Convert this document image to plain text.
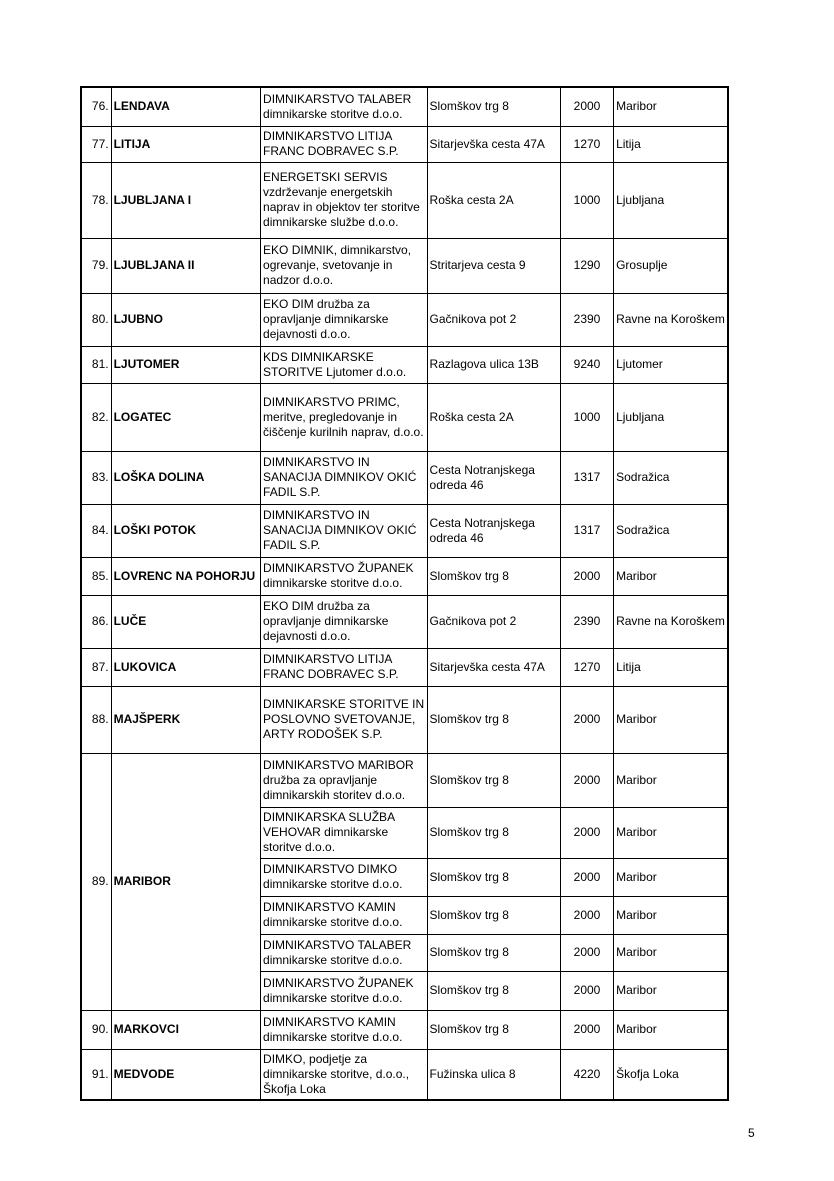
76.	LENDAVA	DIMNIKARSTVO TALABER dimnikarske storitve d.o.o.	Slomškov trg 8	2000	Maribor
77.	LITIJA	DIMNIKARSTVO LITIJA FRANC DOBRAVEC S.P.	Sitarjevška cesta 47A	1270	Litija
78.	LJUBLJANA I	ENERGETSKI SERVIS vzdrževanje energetskih naprav in objektov ter storitve dimnikarske službe d.o.o.	Roška cesta 2A	1000	Ljubljana
79.	LJUBLJANA II	EKO DIMNIK, dimnikarstvo, ogrevanje, svetovanje in nadzor d.o.o.	Stritarjeva cesta 9	1290	Grosuplje
80.	LJUBNO	EKO DIM družba za opravljanje dimnikarske dejavnosti d.o.o.	Gačnikova pot 2	2390	Ravne na Koroškem
81.	LJUTOMER	KDS DIMNIKARSKE STORITVE Ljutomer d.o.o.	Razlagova ulica 13B	9240	Ljutomer
82.	LOGATEC	DIMNIKARSTVO PRIMC, meritve, pregledovanje in čiščenje kurilnih naprav, d.o.o.	Roška cesta 2A	1000	Ljubljana
83.	LOŠKA DOLINA	DIMNIKARSTVO IN SANACIJA DIMNIKOV OKIĆ FADIL S.P.	Cesta Notranjskega odreda 46	1317	Sodražica
84.	LOŠKI POTOK	DIMNIKARSTVO IN SANACIJA DIMNIKOV OKIĆ FADIL S.P.	Cesta Notranjskega odreda 46	1317	Sodražica
85.	LOVRENC NA POHORJU	DIMNIKARSTVO ŽUPANEK dimnikarske storitve d.o.o.	Slomškov trg 8	2000	Maribor
86.	LUČE	EKO DIM družba za opravljanje dimnikarske dejavnosti d.o.o.	Gačnikova pot 2	2390	Ravne na Koroškem
87.	LUKOVICA	DIMNIKARSTVO LITIJA FRANC DOBRAVEC S.P.	Sitarjevška cesta 47A	1270	Litija
88.	MAJŠPERK	DIMNIKARSKE STORITVE IN POSLOVNO SVETOVANJE, ARTY RODOŠEK S.P.	Slomškov trg 8	2000	Maribor
89.	MARIBOR	DIMNIKARSTVO MARIBOR družba za opravljanje dimnikarskih storitev d.o.o.	Slomškov trg 8	2000	Maribor
		DIMNIKARSKA SLUŽBA VEHOVAR dimnikarske storitve d.o.o.	Slomškov trg 8	2000	Maribor
		DIMNIKARSTVO DIMKO dimnikarske storitve d.o.o.	Slomškov trg 8	2000	Maribor
		DIMNIKARSTVO KAMIN dimnikarske storitve d.o.o.	Slomškov trg 8	2000	Maribor
		DIMNIKARSTVO TALABER dimnikarske storitve d.o.o.	Slomškov trg 8	2000	Maribor
		DIMNIKARSTVO ŽUPANEK dimnikarske storitve d.o.o.	Slomškov trg 8	2000	Maribor
90.	MARKOVCI	DIMNIKARSTVO KAMIN dimnikarske storitve d.o.o.	Slomškov trg 8	2000	Maribor
91.	MEDVODE	DIMKO, podjetje za dimnikarske storitve, d.o.o., Škofja Loka	Fužinska ulica 8	4220	Škofja Loka
5
